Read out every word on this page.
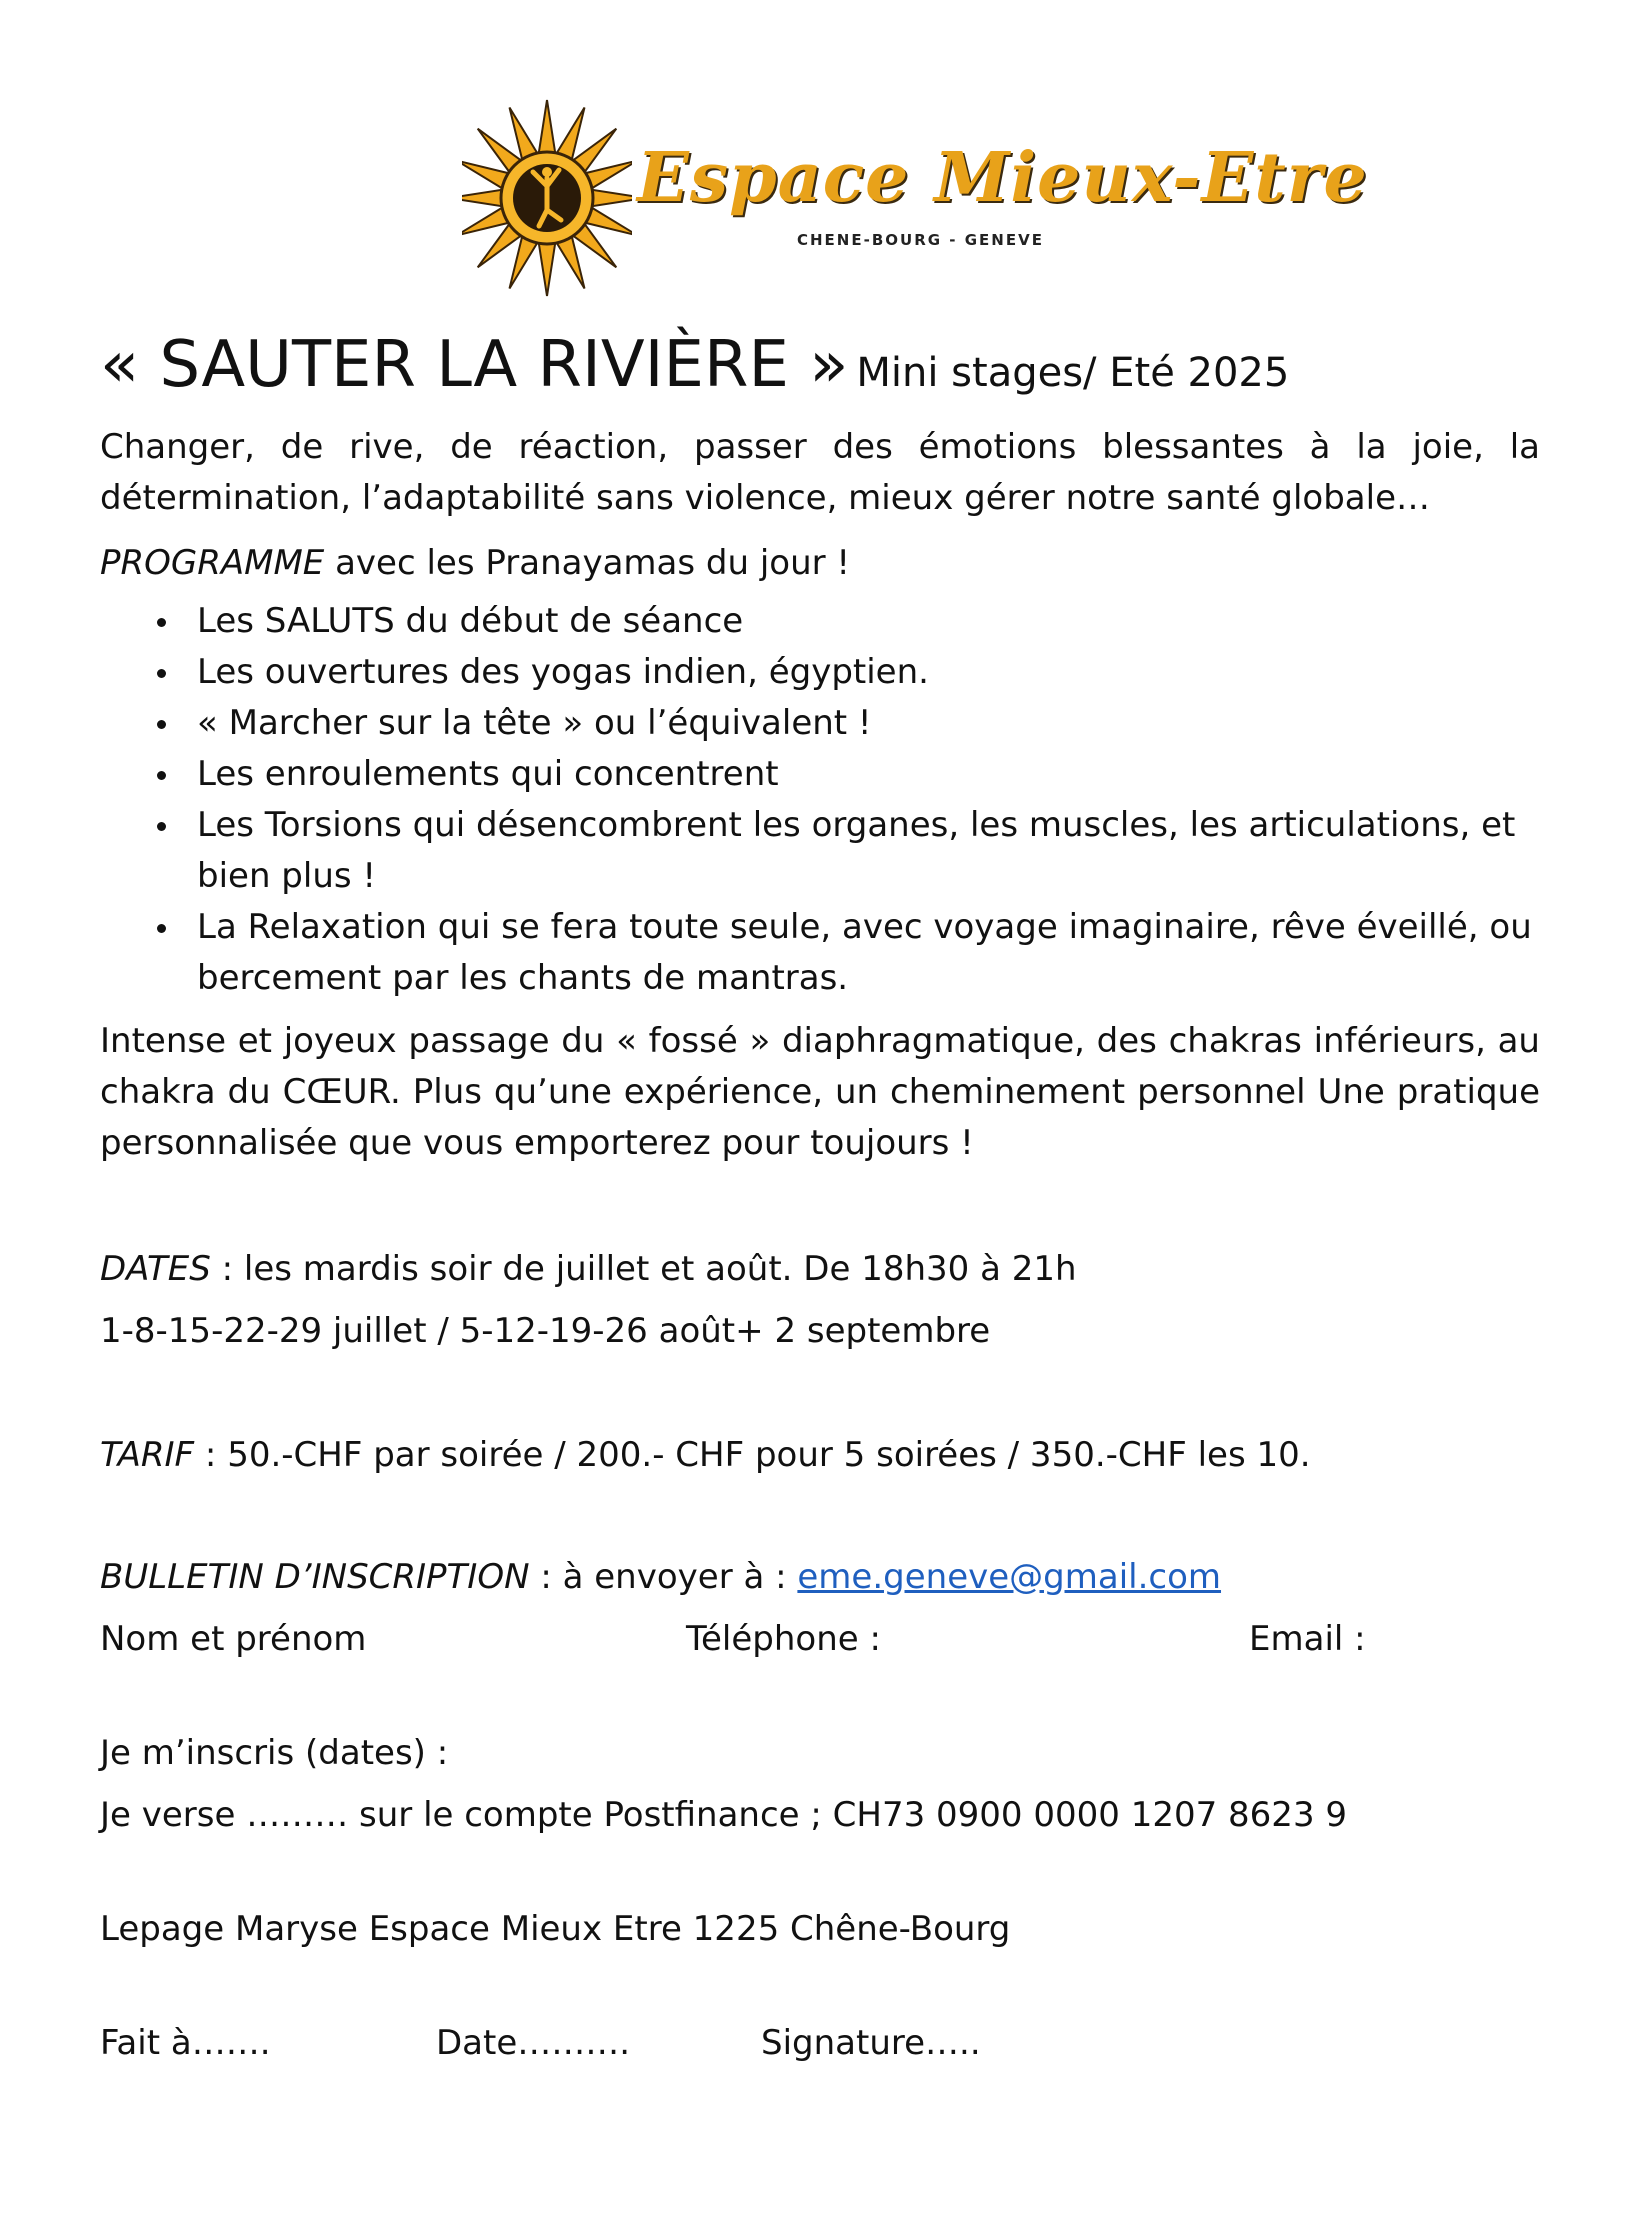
Espace Mieux-Etre
CHENE-BOURG - GENEVE
« SAUTER LA RIVIÈRE » Mini stages/ Eté 2025
Changer, de rive, de réaction, passer des émotions blessantes à la joie, la détermination, l’adaptabilité sans violence, mieux gérer notre santé globale…
PROGRAMME avec les Pranayamas du jour !
Les SALUTS du début de séance
Les ouvertures des yogas indien, égyptien.
« Marcher sur la tête » ou l’équivalent !
Les enroulements qui concentrent
Les Torsions qui désencombrent les organes, les muscles, les articulations, et bien plus !
La Relaxation qui se fera toute seule, avec voyage imaginaire, rêve éveillé, ou bercement par les chants de mantras.
Intense et joyeux passage du « fossé » diaphragmatique, des chakras inférieurs, au chakra du CŒUR. Plus qu’une expérience, un cheminement personnel Une pratique personnalisée que vous emporterez pour toujours !
DATES : les mardis soir de juillet et août. De 18h30 à 21h
1-8-15-22-29 juillet / 5-12-19-26 août+ 2 septembre
TARIF : 50.-CHF par soirée / 200.- CHF pour 5 soirées / 350.-CHF les 10.
BULLETIN D’INSCRIPTION : à envoyer à : eme.geneve@gmail.com
Nom et prénom	Téléphone :	Email :
Je m’inscris (dates) :
Je verse ……… sur le compte Postfinance ; CH73 0900 0000 1207 8623 9
Lepage Maryse Espace Mieux Etre 1225 Chêne-Bourg
Fait à…….	Date……….	Signature…..
